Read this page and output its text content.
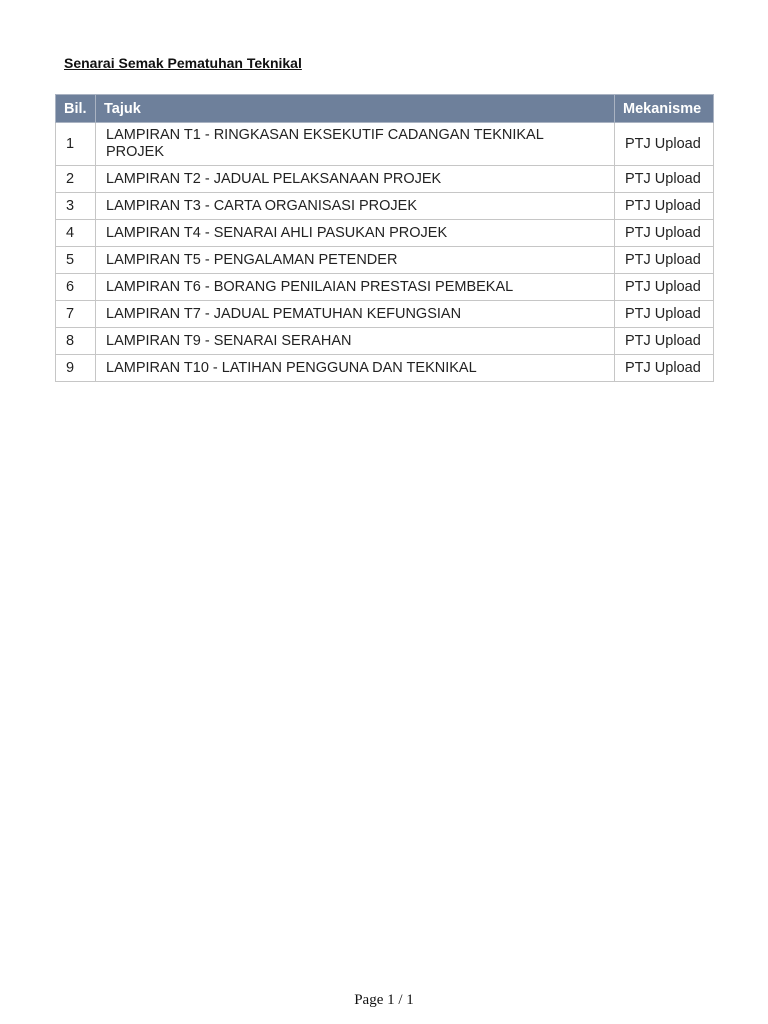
Senarai Semak Pematuhan Teknikal
Bil.	Tajuk	Mekanisme
1	LAMPIRAN T1 - RINGKASAN EKSEKUTIF CADANGAN TEKNIKAL PROJEK	PTJ Upload
2	LAMPIRAN T2 - JADUAL PELAKSANAAN PROJEK	PTJ Upload
3	LAMPIRAN T3 - CARTA ORGANISASI PROJEK	PTJ Upload
4	LAMPIRAN T4 - SENARAI AHLI PASUKAN PROJEK	PTJ Upload
5	LAMPIRAN T5 - PENGALAMAN PETENDER	PTJ Upload
6	LAMPIRAN T6 - BORANG PENILAIAN PRESTASI PEMBEKAL	PTJ Upload
7	LAMPIRAN T7 - JADUAL PEMATUHAN KEFUNGSIAN	PTJ Upload
8	LAMPIRAN T9 - SENARAI SERAHAN	PTJ Upload
9	LAMPIRAN T10 - LATIHAN PENGGUNA DAN TEKNIKAL	PTJ Upload
Page 1 / 1
